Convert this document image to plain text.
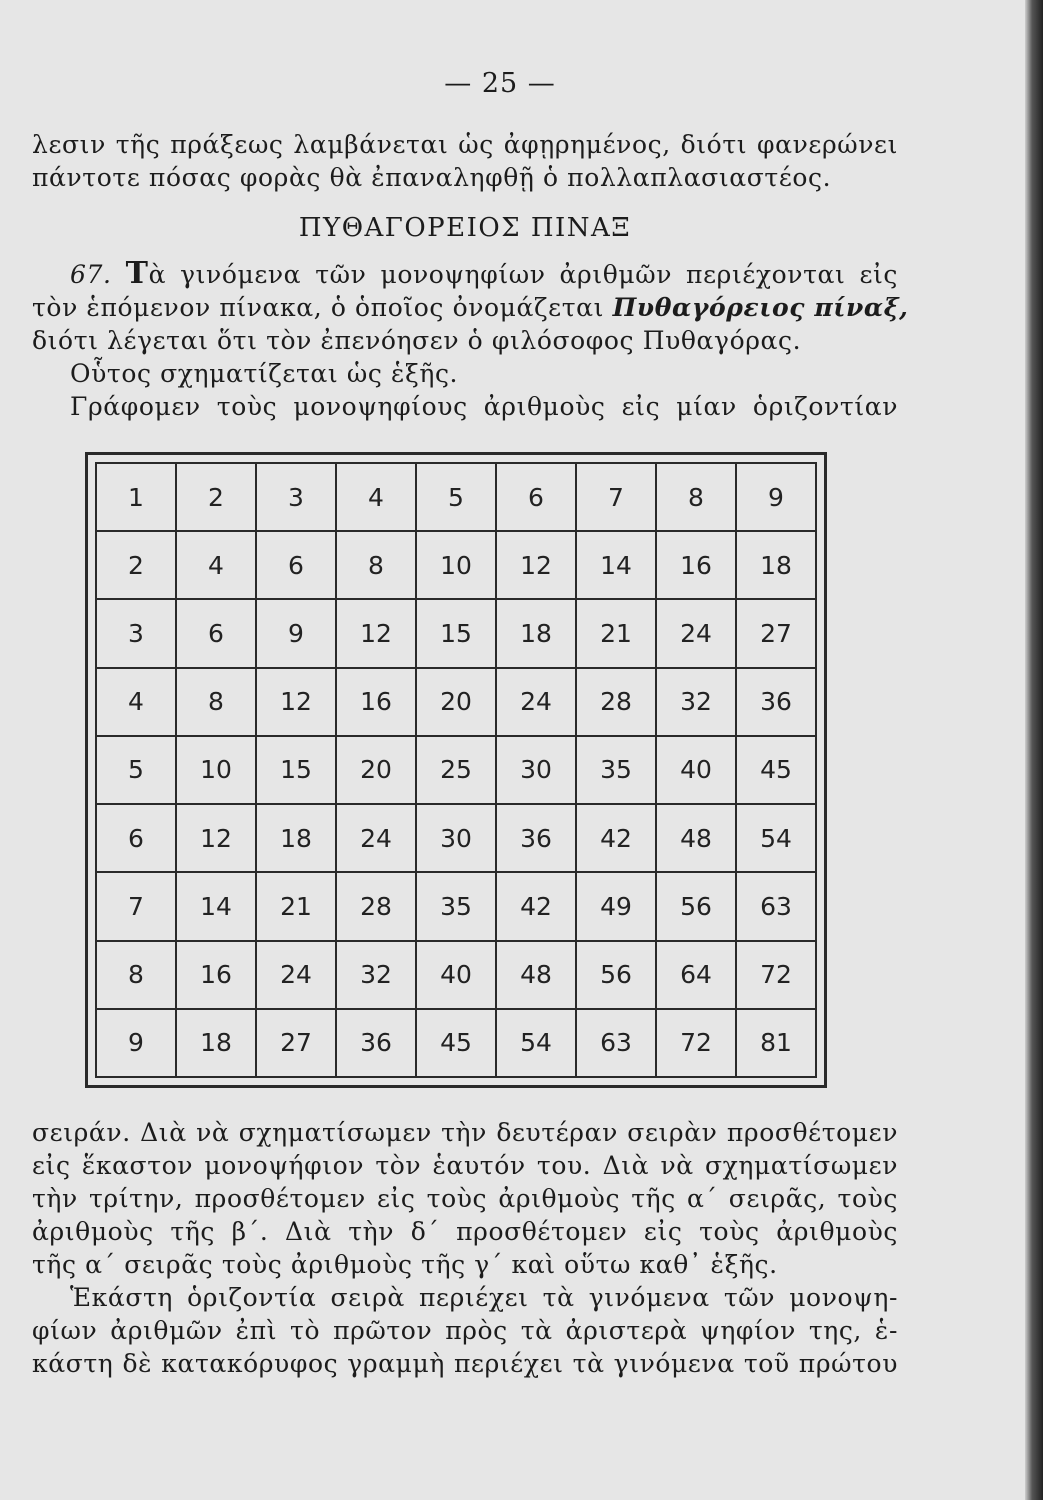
— 25 —
λεσιν τῆς πράξεως λαμβάνεται ὡς ἀφῃρημένος, διότι φανερώνει
πάντοτε πόσας φορὰς θὰ ἐπαναληφθῇ ὁ πολλαπλασιαστέος.
ΠΥΘΑΓΟΡΕΙΟΣ ΠΙΝΑΞ
67. Τὰ γινόμενα τῶν μονοψηφίων ἀριθμῶν περιέχονται εἰς
τὸν ἑπόμενον πίνακα, ὁ ὁποῖος ὀνομάζεται Πυθαγόρειος πίναξ,
διότι λέγεται ὅτι τὸν ἐπενόησεν ὁ φιλόσοφος Πυθαγόρας.
Οὗτος σχηματίζεται ὡς ἑξῆς.
Γράφομεν τοὺς μονοψηφίους ἀριθμοὺς εἰς μίαν ὁριζοντίαν
1	2	3	4	5	6	7	8	9
2	4	6	8	10	12	14	16	18
3	6	9	12	15	18	21	24	27
4	8	12	16	20	24	28	32	36
5	10	15	20	25	30	35	40	45
6	12	18	24	30	36	42	48	54
7	14	21	28	35	42	49	56	63
8	16	24	32	40	48	56	64	72
9	18	27	36	45	54	63	72	81
σειράν. Διὰ νὰ σχηματίσωμεν τὴν δευτέραν σειρὰν προσθέτομεν
εἰς ἕκαστον μονοψήφιον τὸν ἑαυτόν του. Διὰ νὰ σχηματίσωμεν
τὴν τρίτην, προσθέτομεν εἰς τοὺς ἀριθμοὺς τῆς α΄ σειρᾶς, τοὺς
ἀριθμοὺς τῆς β΄. Διὰ τὴν δ΄ προσθέτομεν εἰς τοὺς ἀριθμοὺς
τῆς α΄ σειρᾶς τοὺς ἀριθμοὺς τῆς γ΄ καὶ οὕτω καθ᾽ ἑξῆς.
Ἑκάστη ὁριζοντία σειρὰ περιέχει τὰ γινόμενα τῶν μονοψη-
φίων ἀριθμῶν ἐπὶ τὸ πρῶτον πρὸς τὰ ἀριστερὰ ψηφίον της, ἑ-
κάστη δὲ κατακόρυφος γραμμὴ περιέχει τὰ γινόμενα τοῦ πρώτου
